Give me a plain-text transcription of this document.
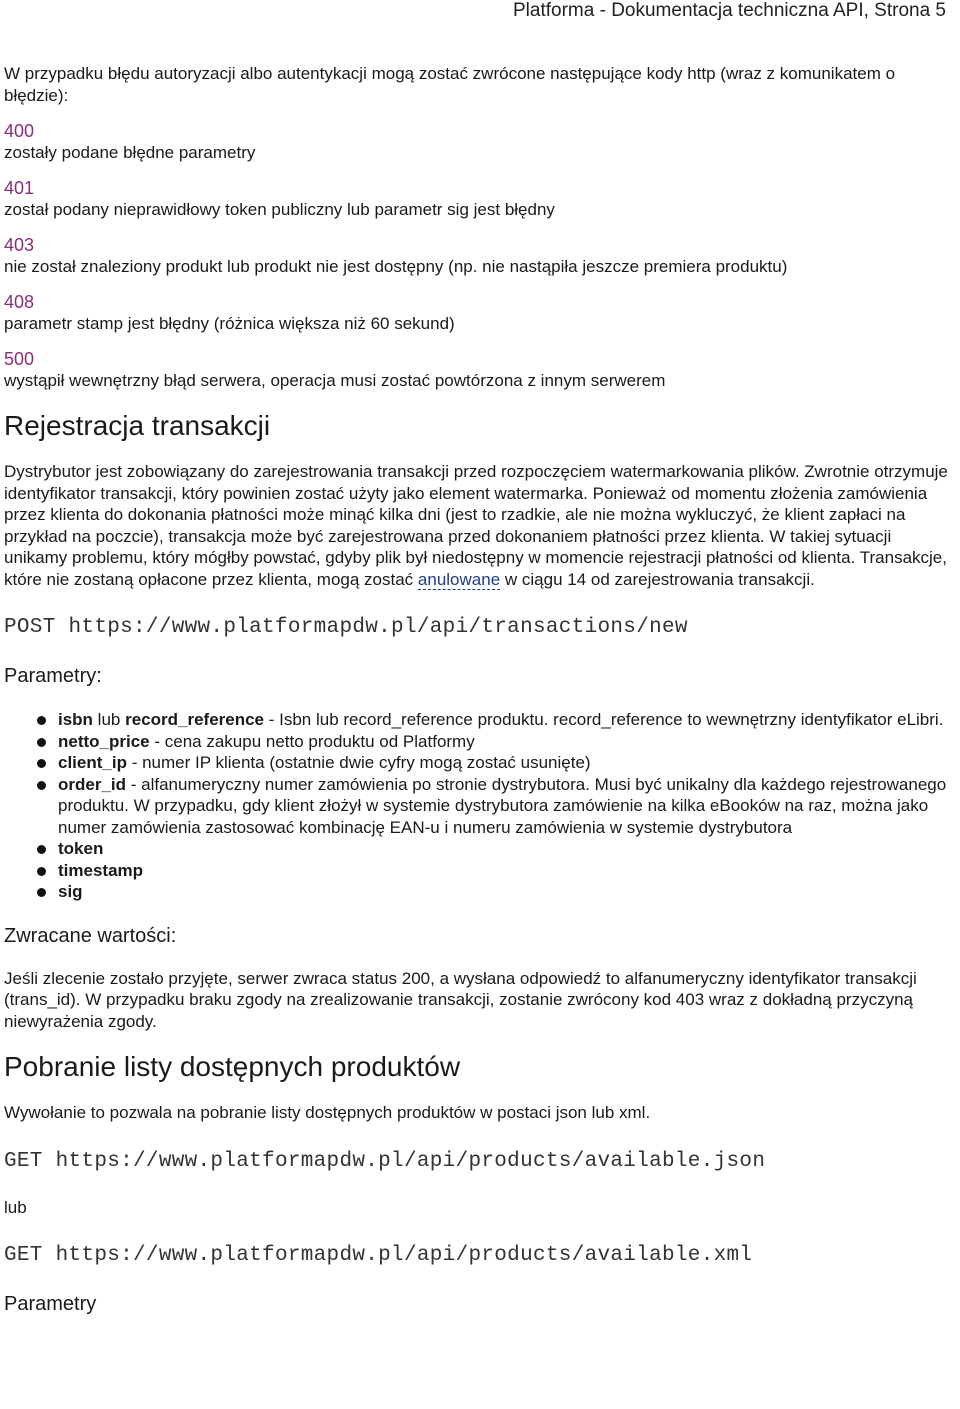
Platforma - Dokumentacja techniczna API, Strona 5

W przypadku błędu autoryzacji albo autentykacji mogą zostać zwrócone następujące kody http (wraz z komunikatem o błędzie):

400
zostały podane błędne parametry
401
został podany nieprawidłowy token publiczny lub parametr sig jest błędny
403
nie został znaleziony produkt lub produkt nie jest dostępny (np. nie nastąpiła jeszcze premiera produktu)
408
parametr stamp jest błędny (różnica większa niż 60 sekund)
500
wystąpił wewnętrzny błąd serwera, operacja musi zostać powtórzona z innym serwerem
Rejestracja transakcji

Dystrybutor jest zobowiązany do zarejestrowania transakcji przed rozpoczęciem watermarkowania plików. Zwrotnie otrzymuje identyfikator transakcji, który powinien zostać użyty jako element watermarka. Ponieważ od momentu złożenia zamówienia przez klienta do dokonania płatności może minąć kilka dni (jest to rzadkie, ale nie można wykluczyć, że klient zapłaci na przykład na poczcie), transakcja może być zarejestrowana przed dokonaniem płatności przez klienta. W takiej sytuacji unikamy problemu, który mógłby powstać, gdyby plik był niedostępny w momencie rejestracji płatności od klienta. Transakcje, które nie zostaną opłacone przez klienta, mogą zostać anulowane w ciągu 14 od zarejestrowania transakcji.

POST https://www.platformapdw.pl/api/transactions/new
Parametry:
isbn lub record_reference - Isbn lub record_reference produktu. record_reference to wewnętrzny identyfikator eLibri.
netto_price - cena zakupu netto produktu od Platformy
client_ip - numer IP klienta (ostatnie dwie cyfry mogą zostać usunięte)
order_id - alfanumeryczny numer zamówienia po stronie dystrybutora. Musi być unikalny dla każdego rejestrowanego produktu. W przypadku, gdy klient złożył w systemie dystrybutora zamówienie na kilka eBooków na raz, można jako numer zamówienia zastosować kombinację EAN-u i numeru zamówienia w systemie dystrybutora
token
timestamp
sig
Zwracane wartości:

Jeśli zlecenie zostało przyjęte, serwer zwraca status 200, a wysłana odpowiedź to alfanumeryczny identyfikator transakcji (trans_id). W przypadku braku zgody na zrealizowanie transakcji, zostanie zwrócony kod 403 wraz z dokładną przyczyną niewyrażenia zgody.

Pobranie listy dostępnych produktów

Wywołanie to pozwala na pobranie listy dostępnych produktów w postaci json lub xml.

GET https://www.platformapdw.pl/api/products/available.json

lub

GET https://www.platformapdw.pl/api/products/available.xml
Parametry
